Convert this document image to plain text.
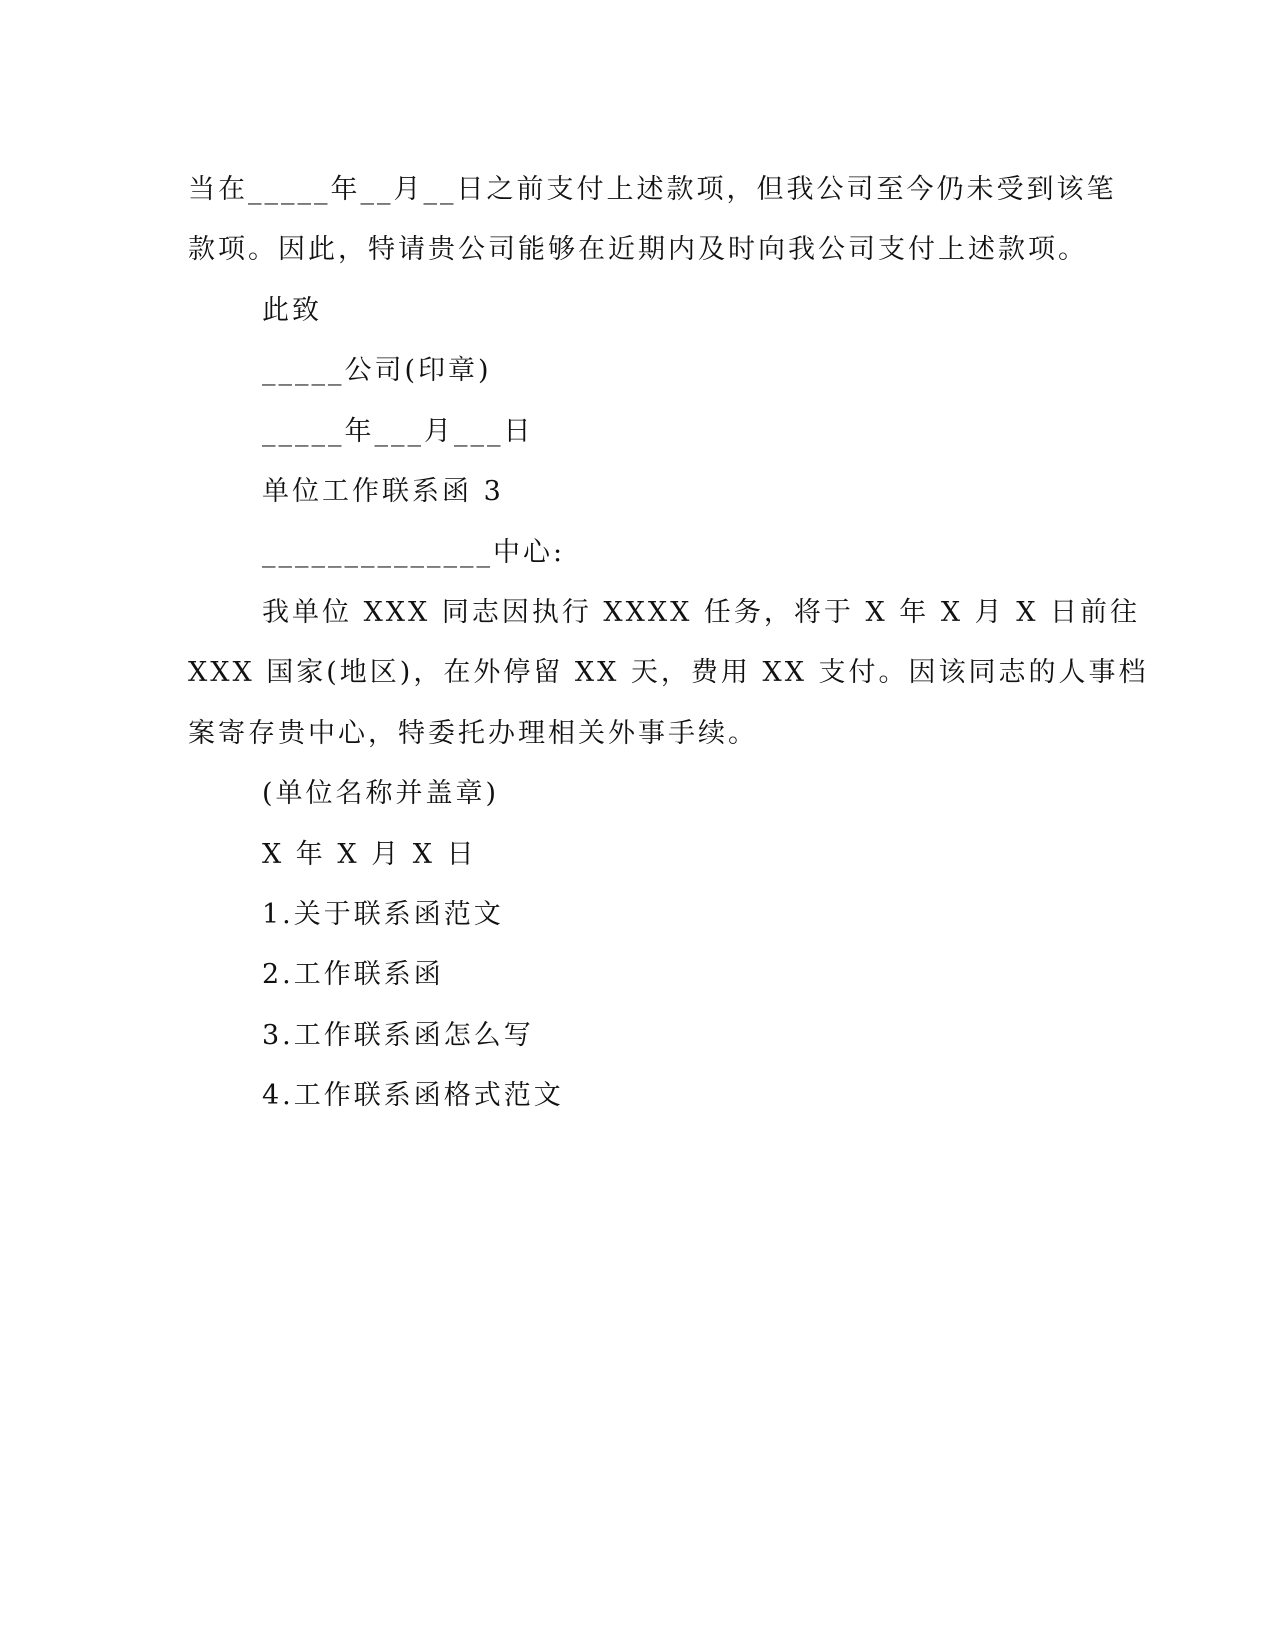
当在_____年__月__日之前支付上述款项，但我公司至今仍未受到该笔
款项。因此，特请贵公司能够在近期内及时向我公司支付上述款项。
此致
_____公司(印章)
_____年___月___日
单位工作联系函 3
______________中心:
我单位 XXX 同志因执行 XXXX 任务，将于 X 年 X 月 X 日前往
XXX 国家(地区)，在外停留 XX 天，费用 XX 支付。因该同志的人事档
案寄存贵中心，特委托办理相关外事手续。
(单位名称并盖章)
X 年 X 月 X 日
1.关于联系函范文
2.工作联系函
3.工作联系函怎么写
4.工作联系函格式范文
